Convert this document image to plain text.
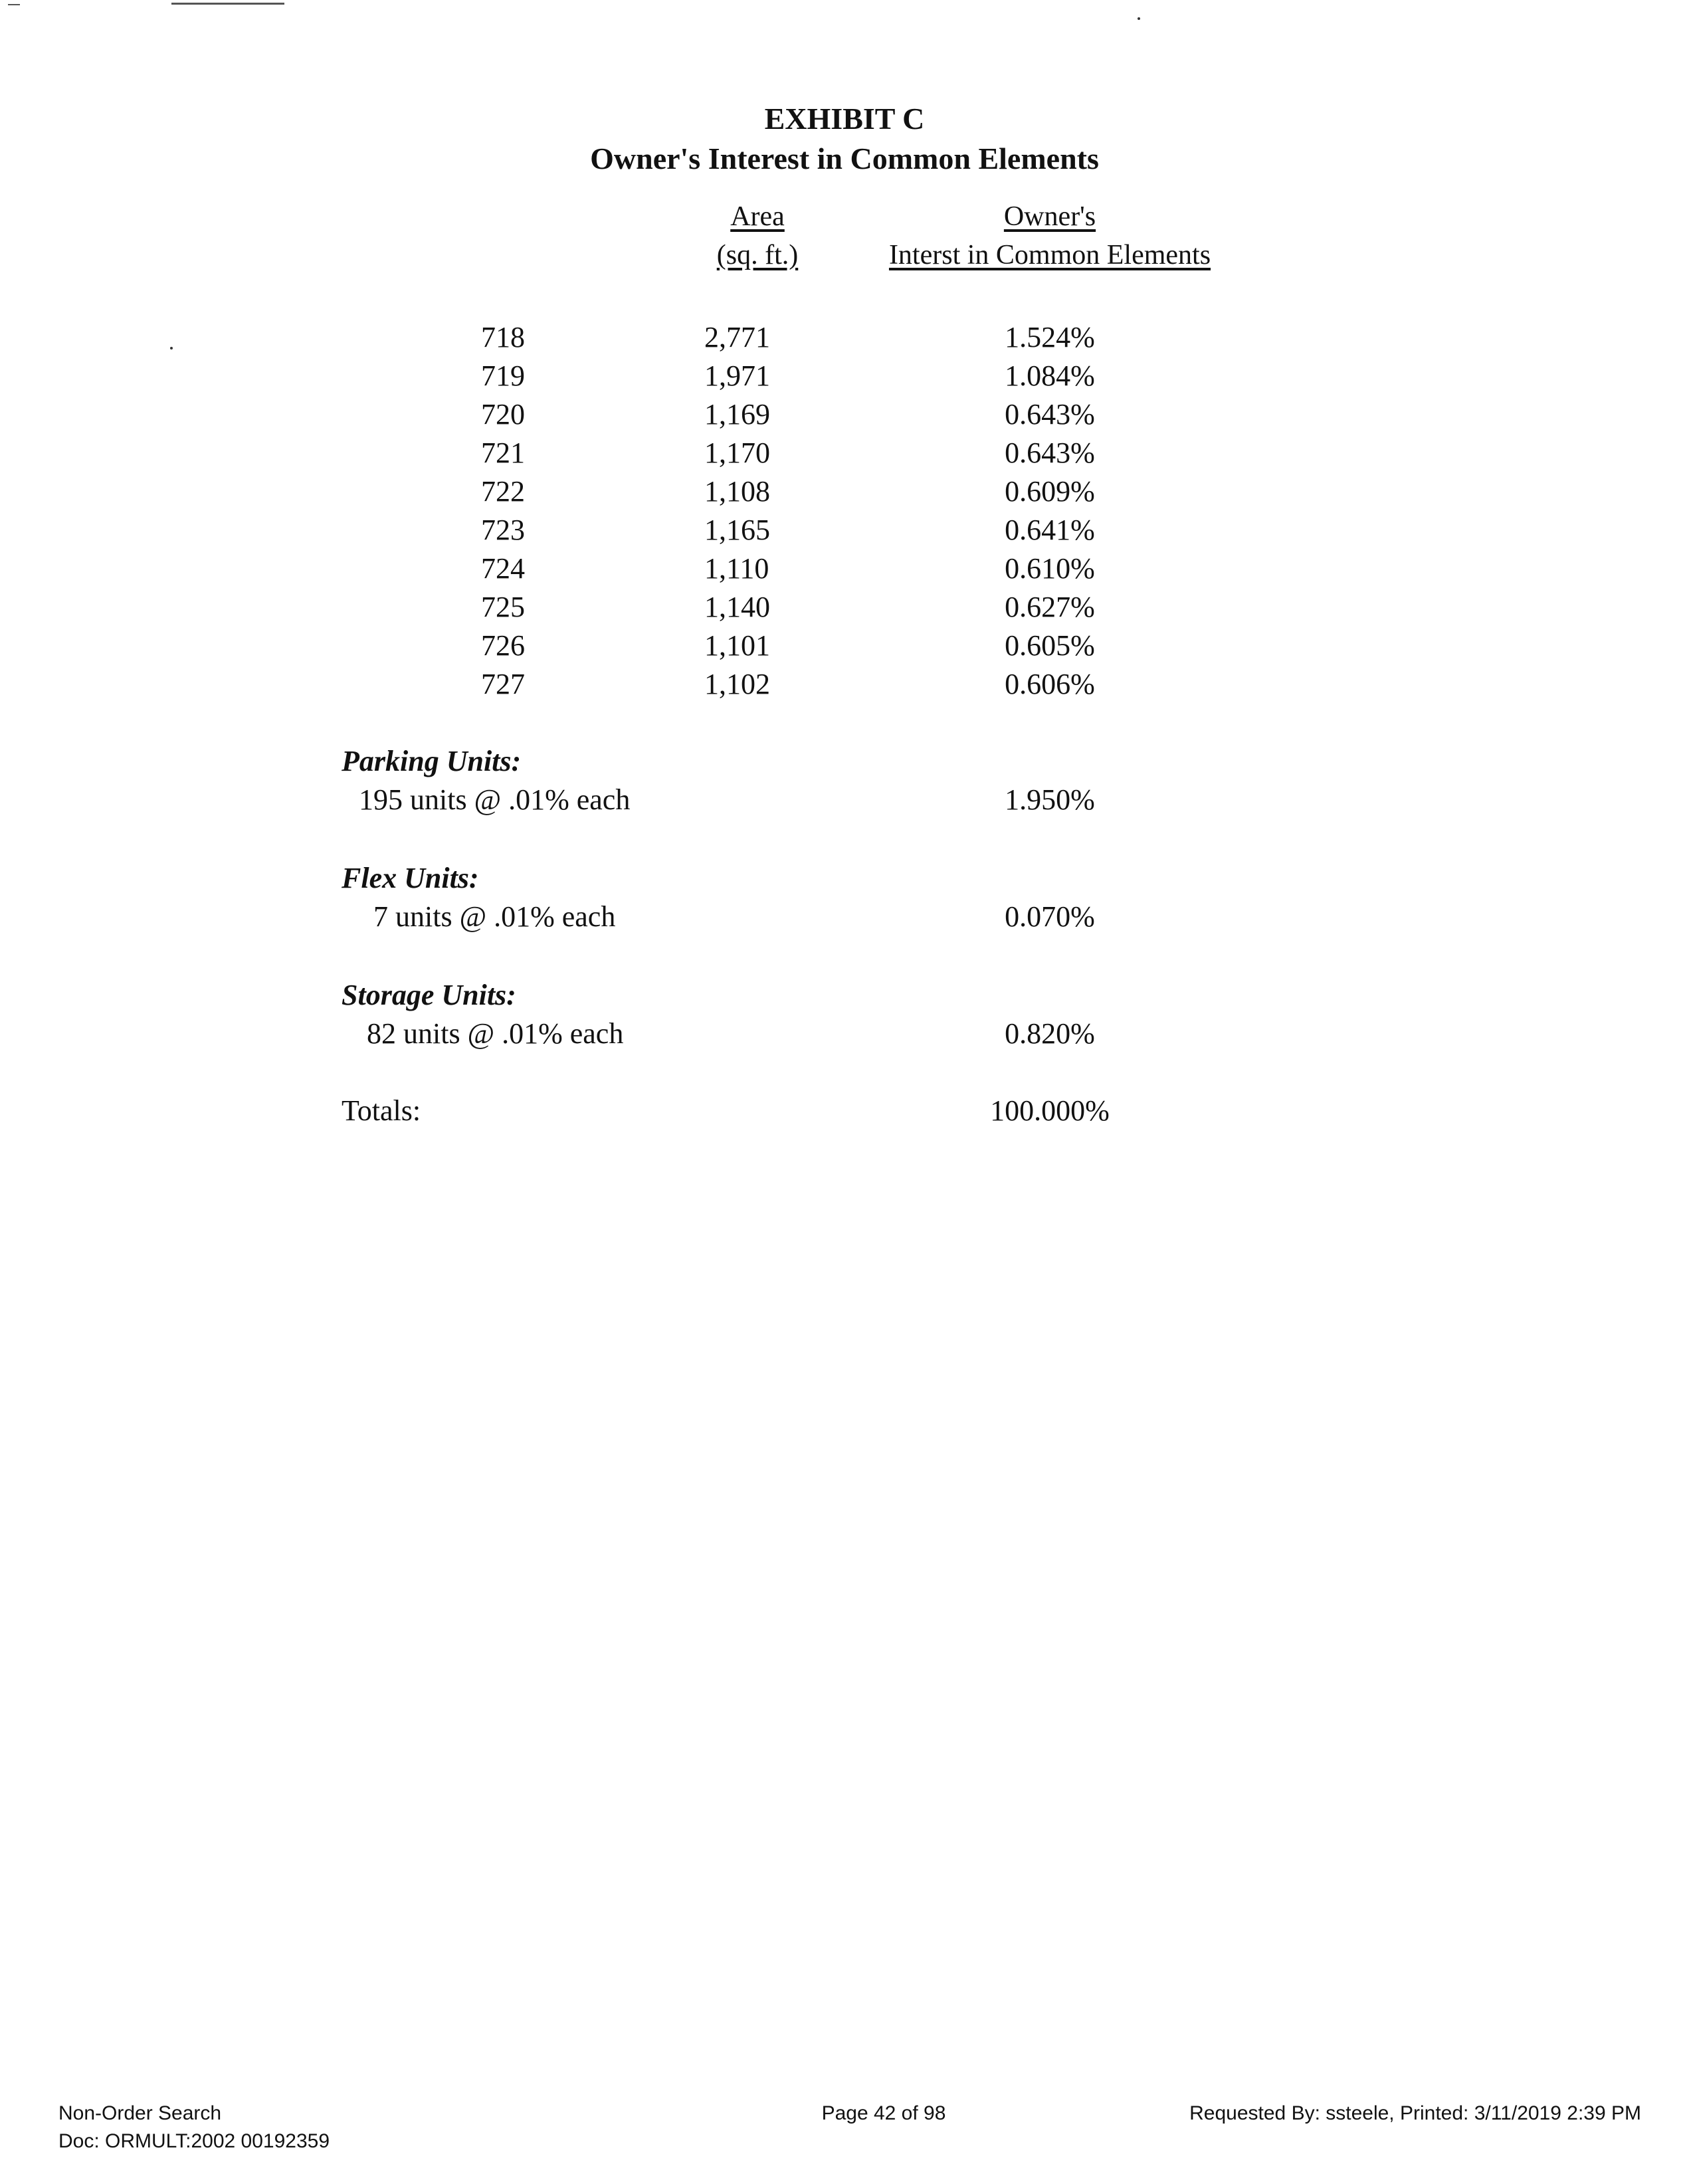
EXHIBIT C
Owner's Interest in Common Elements
Area
(sq. ft.)
Owner's
Interst in Common Elements
718	2,771	1.524%
719	1,971	1.084%
720	1,169	0.643%
721	1,170	0.643%
722	1,108	0.609%
723	1,165	0.641%
724	1,110	0.610%
725	1,140	0.627%
726	1,101	0.605%
727	1,102	0.606%
Parking Units:
195 units @ .01% each	1.950%
Flex Units:
7 units @ .01% each	0.070%
Storage Units:
82 units @ .01% each	0.820%
Totals:	100.000%
Non-Order Search
Doc: ORMULT:2002 00192359
Page 42 of 98	Requested By: ssteele, Printed: 3/11/2019 2:39 PM
